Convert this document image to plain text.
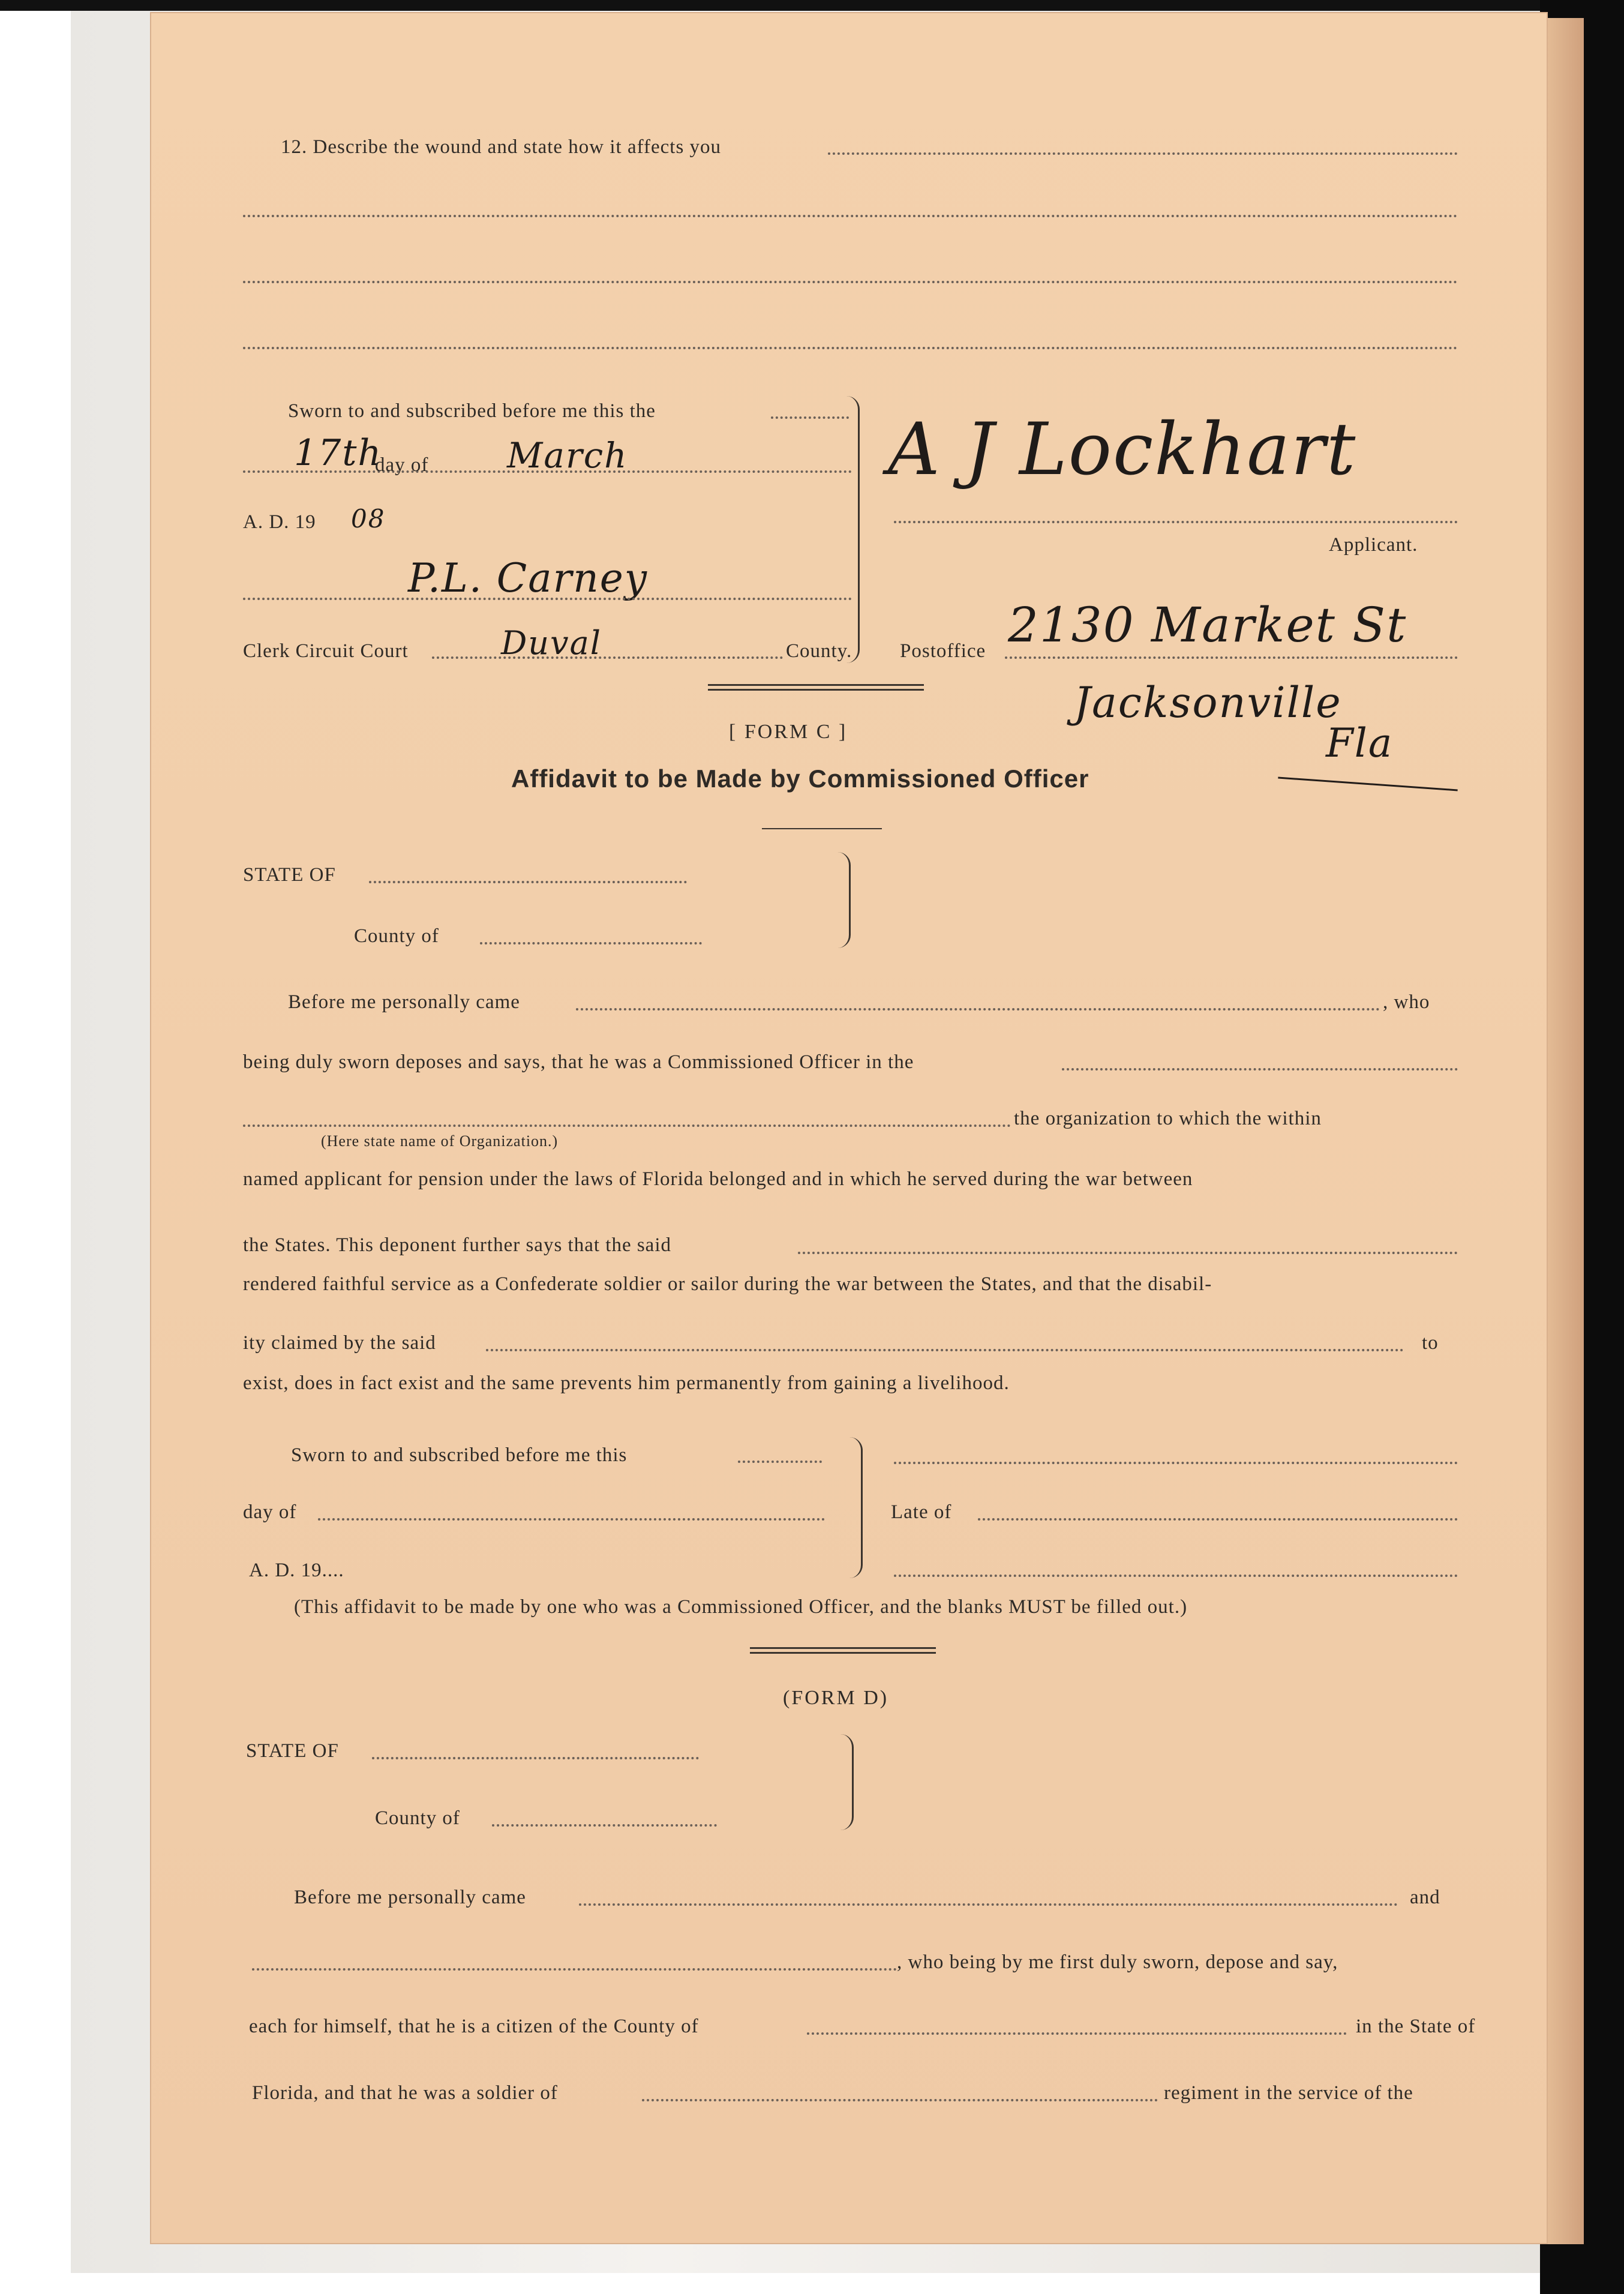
12. Describe the wound and state how it affects you
Sworn to and subscribed before me this the
17th
day of March
A. D. 19 08
P.L. Carney
Clerk Circuit Court	Duval	County.
A J Lockhart
Applicant.
Postoffice 2130 Market St
Jacksonville
Fla
[ FORM C ]
Affidavit to be Made by Commissioned Officer
STATE OF
County of
Before me personally came	, who
being duly sworn deposes and says, that he was a Commissioned Officer in the
the organization to which the within
(Here state name of Organization.)
named applicant for pension under the laws of Florida belonged and in which he served during the war between
the States. This deponent further says that the said
rendered faithful service as a Confederate soldier or sailor during the war between the States, and that the disabil-
ity claimed by the said	to
exist, does in fact exist and the same prevents him permanently from gaining a livelihood.
Sworn to and subscribed before me this
day of
A. D. 19....
Late of
(This affidavit to be made by one who was a Commissioned Officer, and the blanks MUST be filled out.)
(FORM D)
STATE OF
County of
Before me personally came	and
, who being by me first duly sworn, depose and say,
each for himself, that he is a citizen of the County of	in the State of
Florida, and that he was a soldier of	regiment in the service of the
